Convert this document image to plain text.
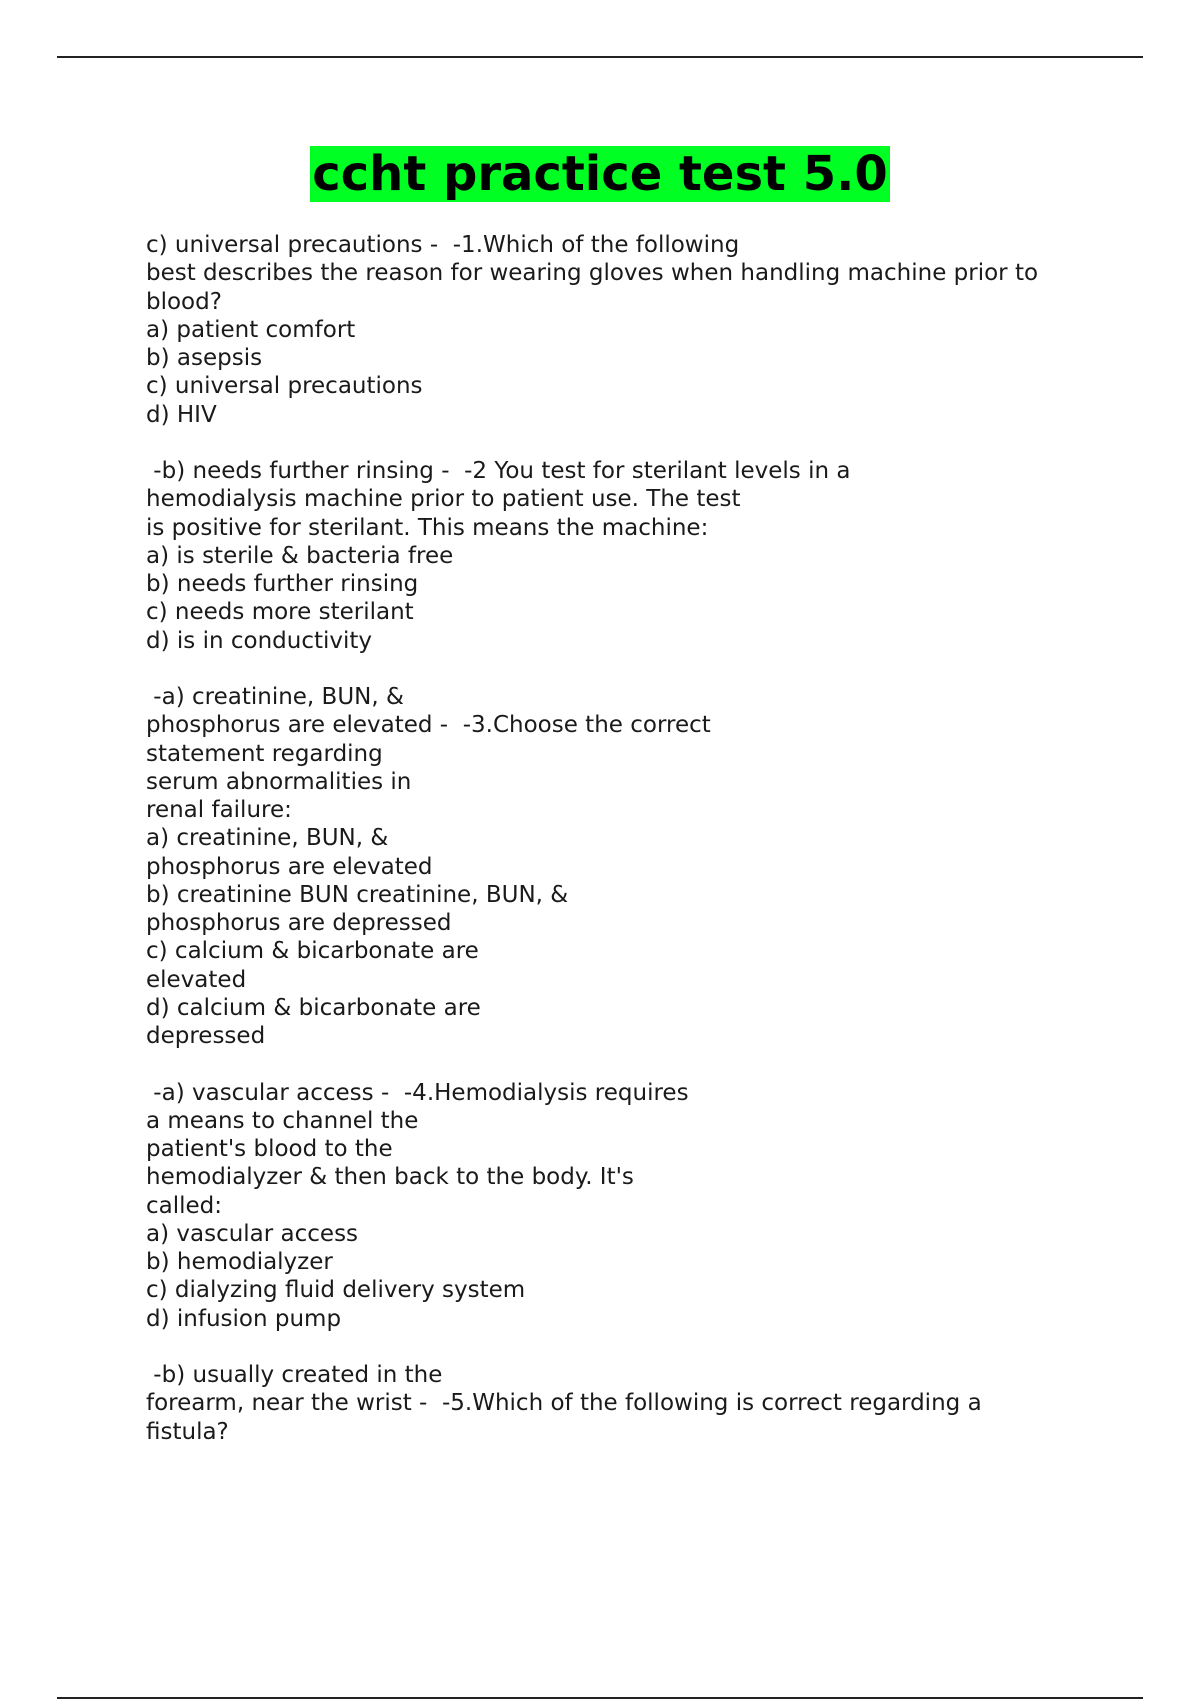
ccht practice test 5.0
c) universal precautions -  -1.Which of the following
best describes the reason for wearing gloves when handling machine prior to
blood?
a) patient comfort
b) asepsis
c) universal precautions
d) HIV
-b) needs further rinsing -  -2 You test for sterilant levels in a
hemodialysis machine prior to patient use. The test
is positive for sterilant. This means the machine:
a) is sterile & bacteria free
b) needs further rinsing
c) needs more sterilant
d) is in conductivity
-a) creatinine, BUN, &
phosphorus are elevated -  -3.Choose the correct
statement regarding
serum abnormalities in
renal failure:
a) creatinine, BUN, &
phosphorus are elevated
b) creatinine BUN creatinine, BUN, &
phosphorus are depressed
c) calcium & bicarbonate are
elevated
d) calcium & bicarbonate are
depressed
-a) vascular access -  -4.Hemodialysis requires
a means to channel the
patient's blood to the
hemodialyzer & then back to the body. It's
called:
a) vascular access
b) hemodialyzer
c) dialyzing fluid delivery system
d) infusion pump
-b) usually created in the
forearm, near the wrist -  -5.Which of the following is correct regarding a
fistula?
